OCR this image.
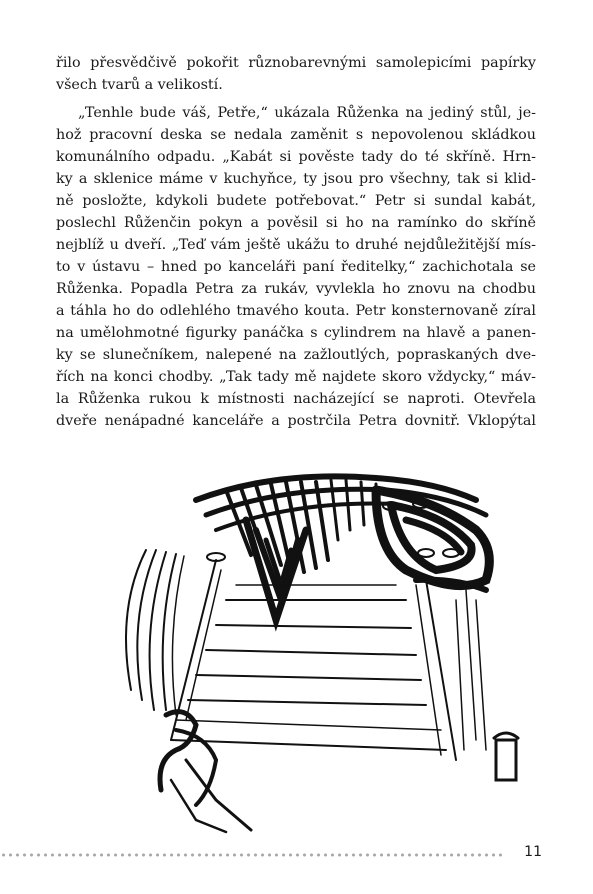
řilo přesvědčivě pokořit různobarevnými samolepicími papírky
všech tvarů a velikostí.
„Tenhle bude váš, Petře,“ ukázala Růženka na jediný stůl, je-
hož pracovní deska se nedala zaměnit s nepovolenou skládkou
komunálního odpadu. „Kabát si pověste tady do té skříně. Hrn-
ky a sklenice máme v kuchyňce, ty jsou pro všechny, tak si klid-
ně posložte, kdykoli budete potřebovat.“ Petr si sundal kabát,
poslechl Růženčin pokyn a pověsil si ho na ramínko do skříně
nejblíž u dveří. „Teď vám ještě ukážu to druhé nejdůležitější mís-
to v ústavu – hned po kanceláři paní ředitelky,“ zachichotala se
Růženka. Popadla Petra za rukáv, vyvlekla ho znovu na chodbu
a táhla ho do odlehlého tmavého kouta. Petr konsternovaně zíral
na umělohmotné figurky panáčka s cylindrem na hlavě a panen-
ky se slunečníkem, nalepené na zažloutlých, popraskaných dve-
řích na konci chodby. „Tak tady mě najdete skoro vždycky,“ máv-
la Růženka rukou k místnosti nacházející se naproti. Otevřela
dveře nenápadné kanceláře a postrčila Petra dovnitř. Vklopýtal
11
